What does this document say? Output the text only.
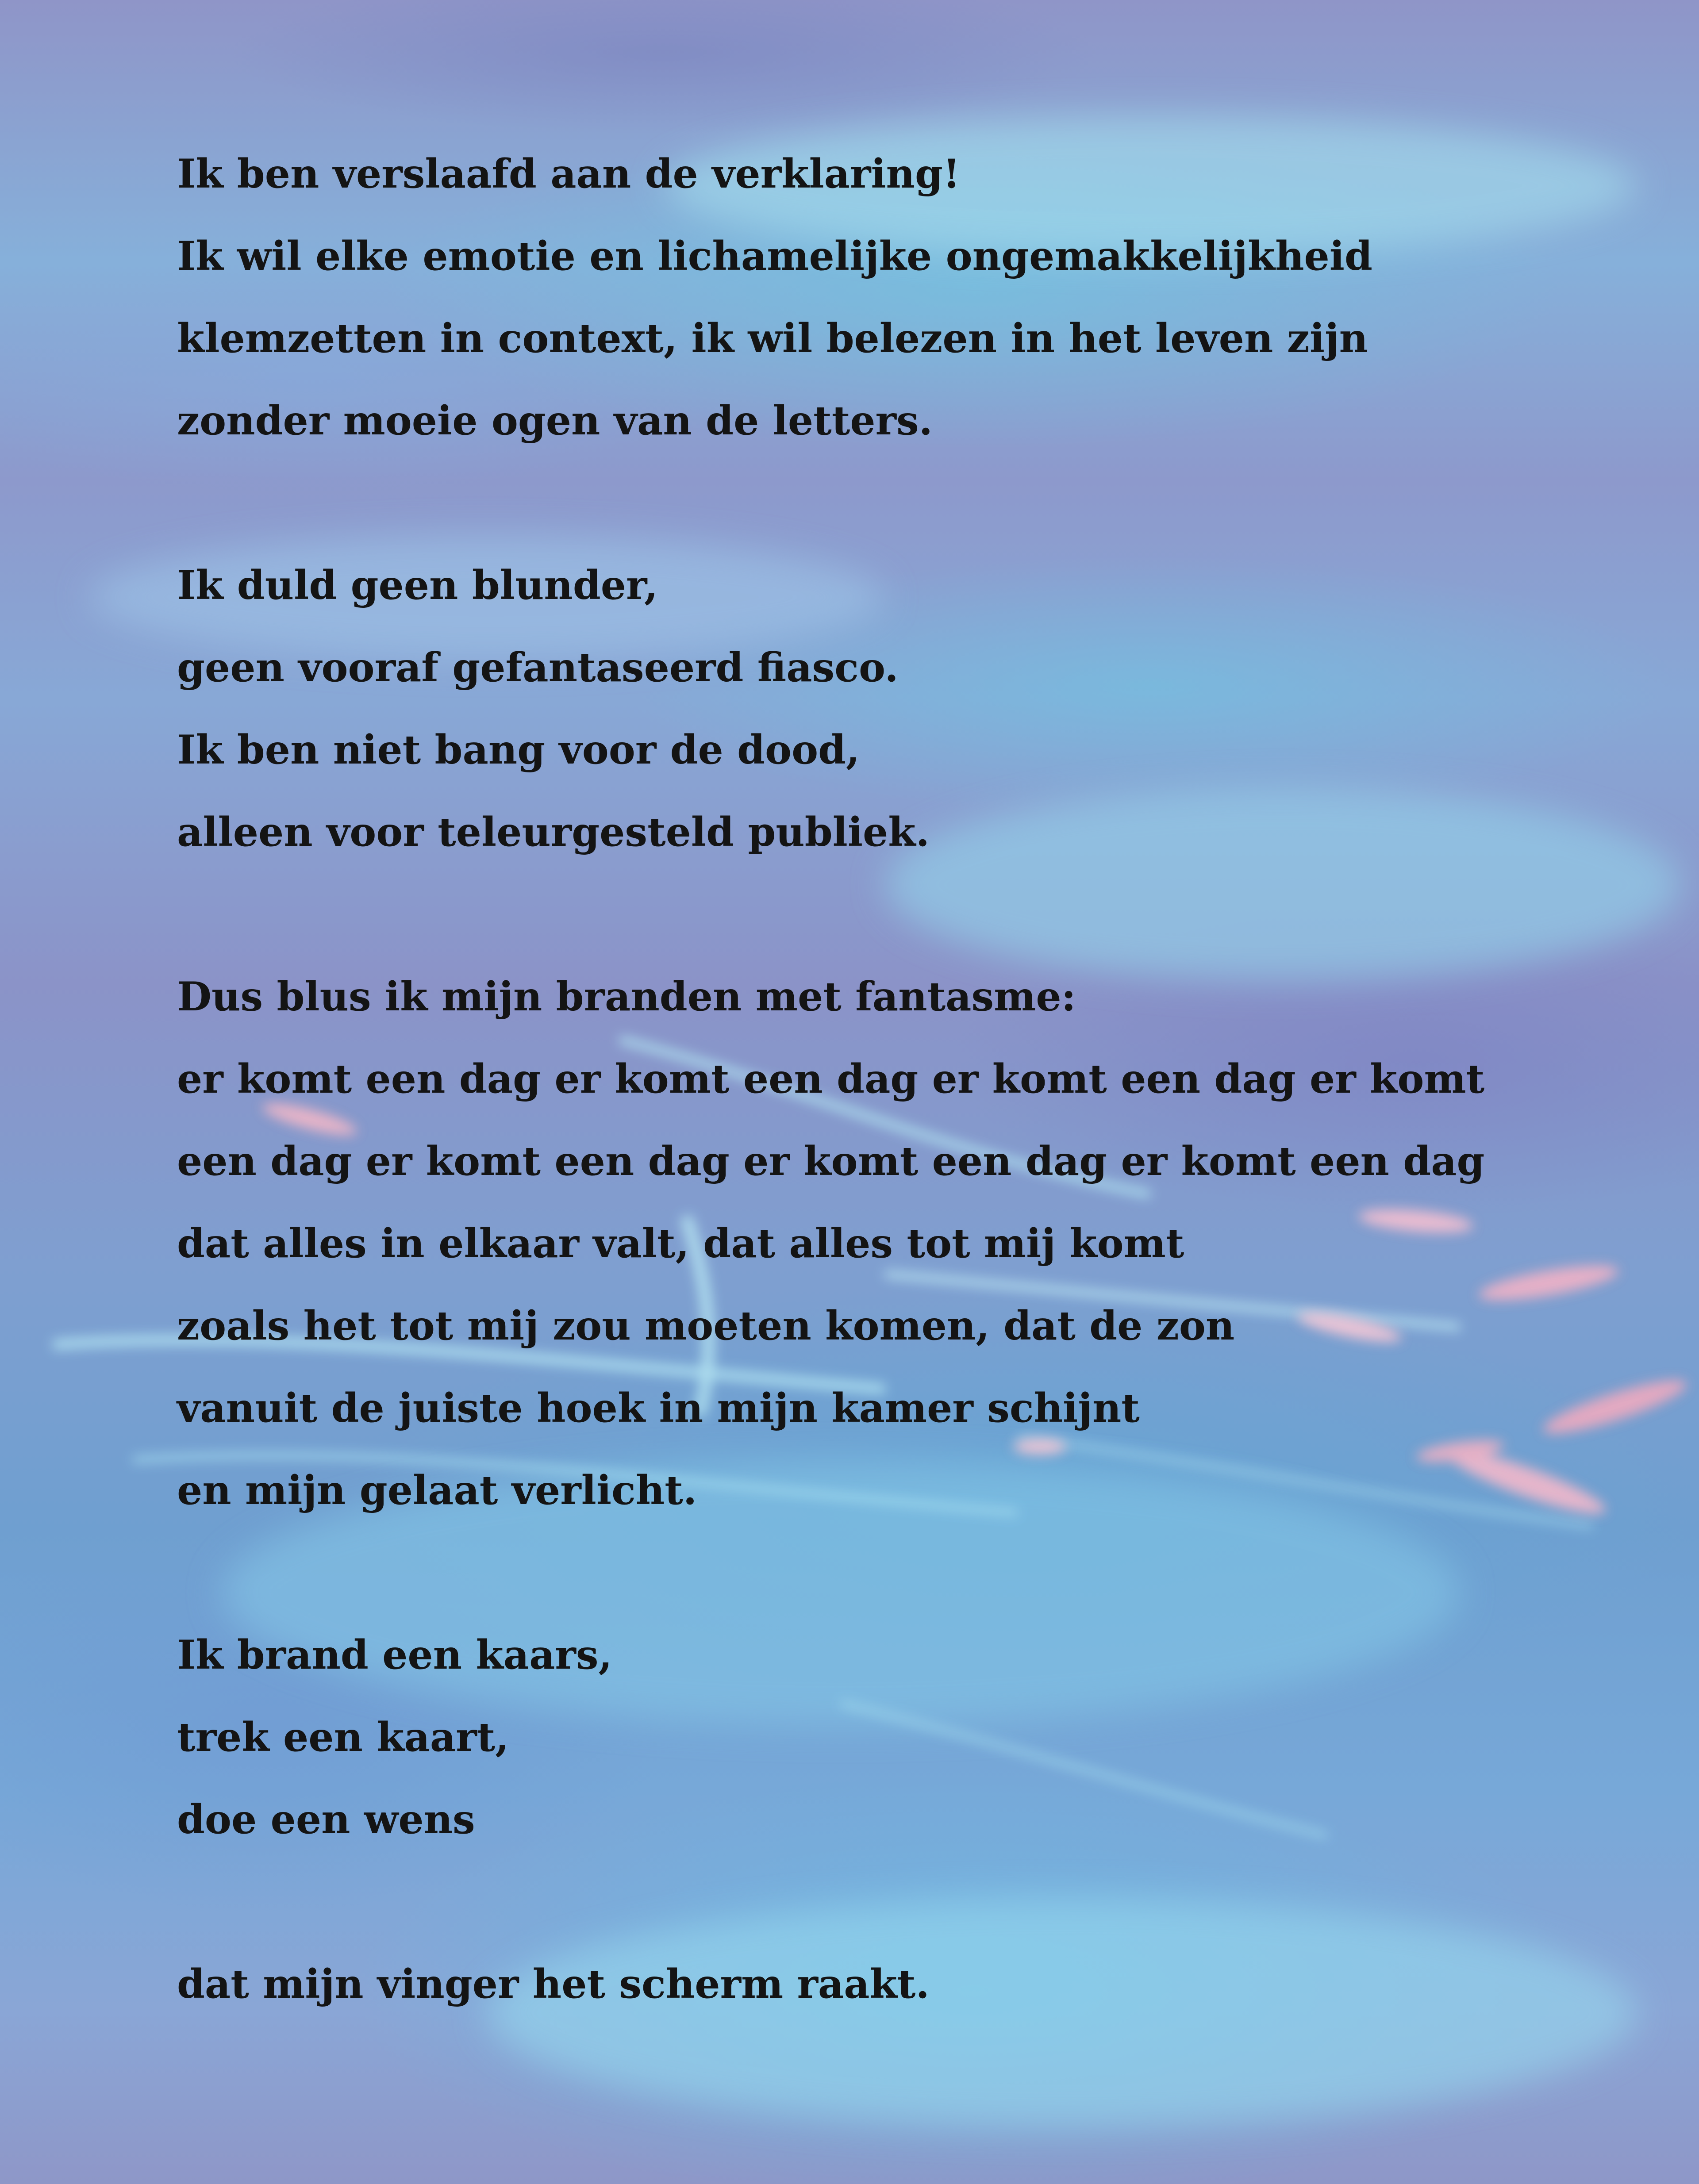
Ik ben verslaafd aan de verklaring!
Ik wil elke emotie en lichamelijke ongemakkelijkheid
klemzetten in context, ik wil belezen in het leven zijn
zonder moeie ogen van de letters.
Ik duld geen blunder,
geen vooraf gefantaseerd fiasco.
Ik ben niet bang voor de dood,
alleen voor teleurgesteld publiek.
Dus blus ik mijn branden met fantasme:
er komt een dag er komt een dag er komt een dag er komt
een dag er komt een dag er komt een dag er komt een dag
dat alles in elkaar valt, dat alles tot mij komt
zoals het tot mij zou moeten komen, dat de zon
vanuit de juiste hoek in mijn kamer schijnt
en mijn gelaat verlicht.
Ik brand een kaars,
trek een kaart,
doe een wens
dat mijn vinger het scherm raakt.
